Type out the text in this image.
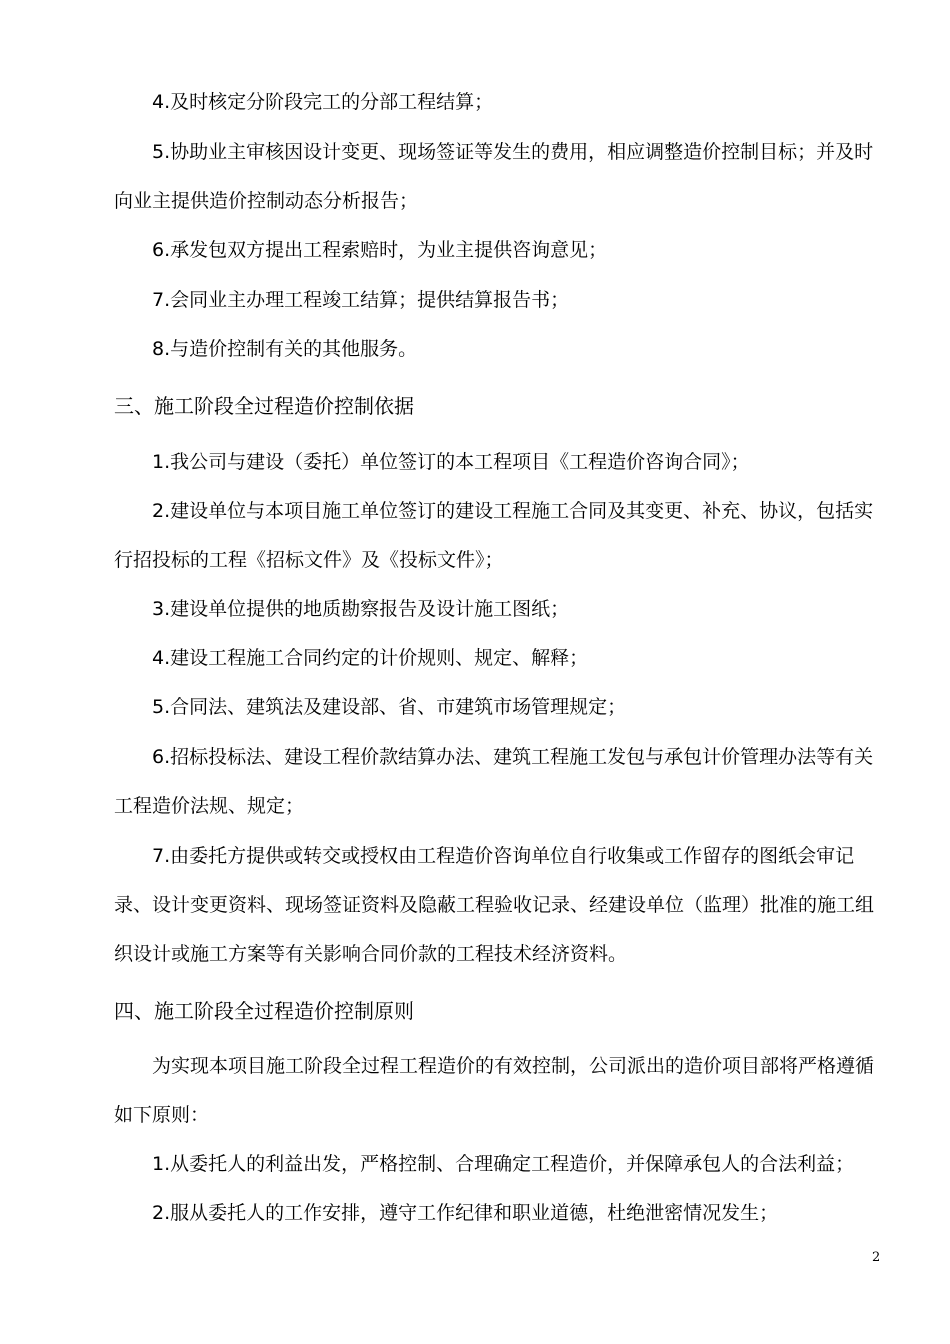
4.及时核定分阶段完工的分部工程结算；
5.协助业主审核因设计变更、现场签证等发生的费用，相应调整造价控制目标；并及时
向业主提供造价控制动态分析报告；
6.承发包双方提出工程索赔时，为业主提供咨询意见；
7.会同业主办理工程竣工结算；提供结算报告书；
8.与造价控制有关的其他服务。
三、施工阶段全过程造价控制依据
1.我公司与建设（委托）单位签订的本工程项目《工程造价咨询合同》；
2.建设单位与本项目施工单位签订的建设工程施工合同及其变更、补充、协议，包括实
行招投标的工程《招标文件》及《投标文件》；
3.建设单位提供的地质勘察报告及设计施工图纸；
4.建设工程施工合同约定的计价规则、规定、解释；
5.合同法、建筑法及建设部、省、市建筑市场管理规定；
6.招标投标法、建设工程价款结算办法、建筑工程施工发包与承包计价管理办法等有关
工程造价法规、规定；
7.由委托方提供或转交或授权由工程造价咨询单位自行收集或工作留存的图纸会审记
录、设计变更资料、现场签证资料及隐蔽工程验收记录、经建设单位（监理）批准的施工组
织设计或施工方案等有关影响合同价款的工程技术经济资料。
四、施工阶段全过程造价控制原则
为实现本项目施工阶段全过程工程造价的有效控制，公司派出的造价项目部将严格遵循
如下原则：
1.从委托人的利益出发，严格控制、合理确定工程造价，并保障承包人的合法利益；
2.服从委托人的工作安排，遵守工作纪律和职业道德，杜绝泄密情况发生；
2
